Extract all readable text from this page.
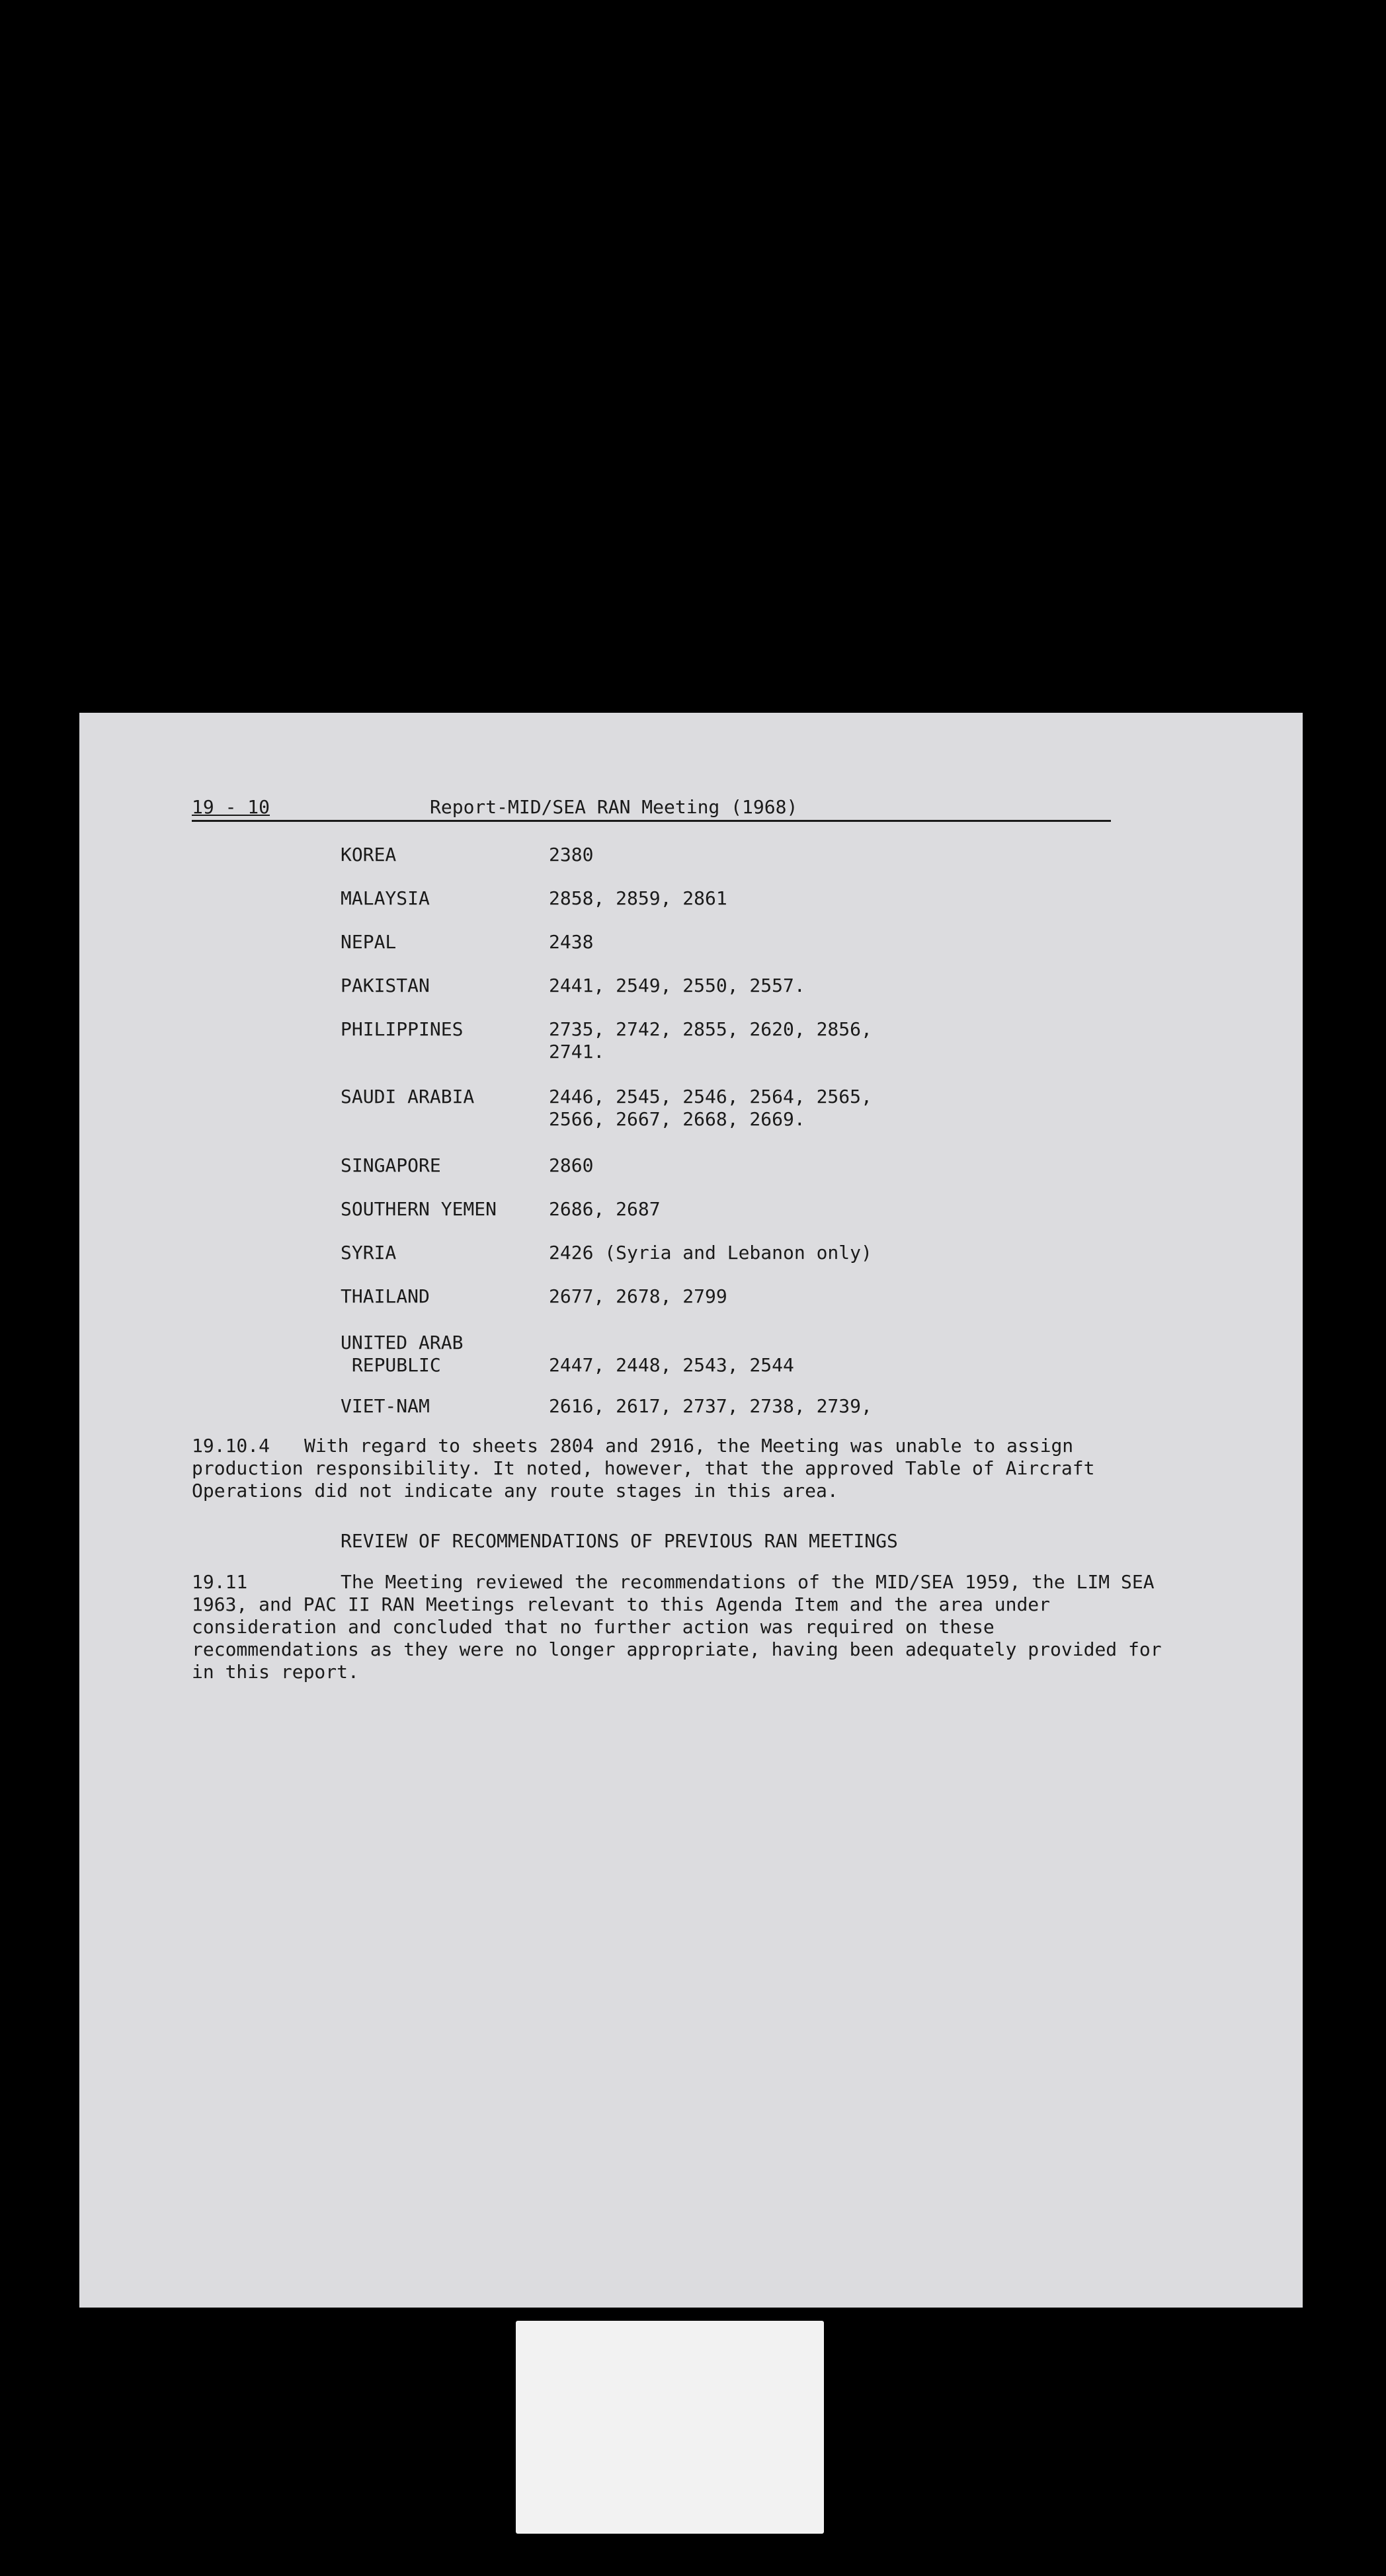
19 - 10	Report-MID/SEA RAN Meeting (1968)
KOREA	2380
MALAYSIA	2858, 2859, 2861
NEPAL	2438
PAKISTAN	2441, 2549, 2550, 2557.
PHILIPPINES	2735, 2742, 2855, 2620, 2856,
2741.
SAUDI ARABIA	2446, 2545, 2546, 2564, 2565,
2566, 2667, 2668, 2669.
SINGAPORE	2860
SOUTHERN YEMEN	2686, 2687
SYRIA	2426 (Syria and Lebanon only)
THAILAND	2677, 2678, 2799
UNITED ARAB
REPUBLIC	2447, 2448, 2543, 2544
VIET-NAM	2616, 2617, 2737, 2738, 2739,
19.10.4	With regard to sheets 2804 and 2916, the Meeting was unable to assign production responsibility. It noted, however, that the approved Table of Aircraft Operations did not indicate any route stages in this area.
REVIEW OF RECOMMENDATIONS OF PREVIOUS RAN MEETINGS
19.11	The Meeting reviewed the recommendations of the MID/SEA 1959, the LIM SEA 1963, and PAC II RAN Meetings relevant to this Agenda Item and the area under consideration and concluded that no further action was required on these recommendations as they were no longer appropriate, having been adequately provided for in this report.
